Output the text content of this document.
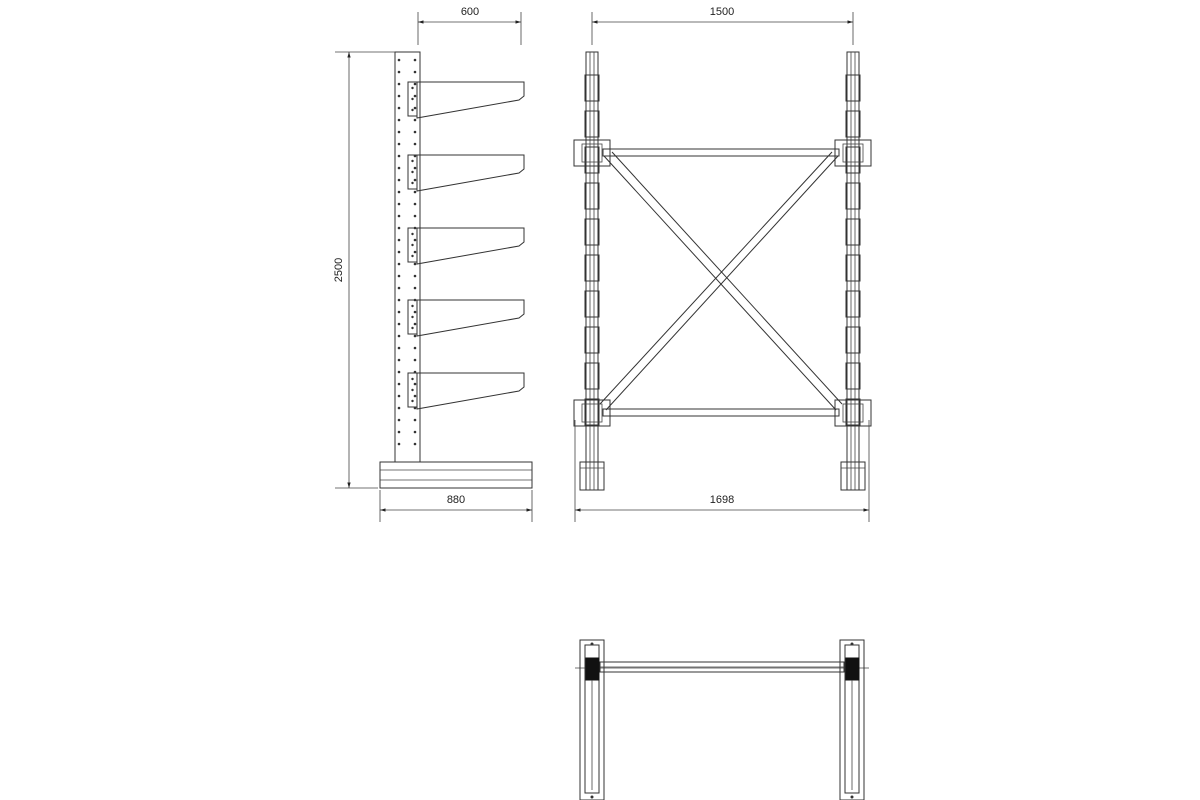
600
2500
880
1500
1698
